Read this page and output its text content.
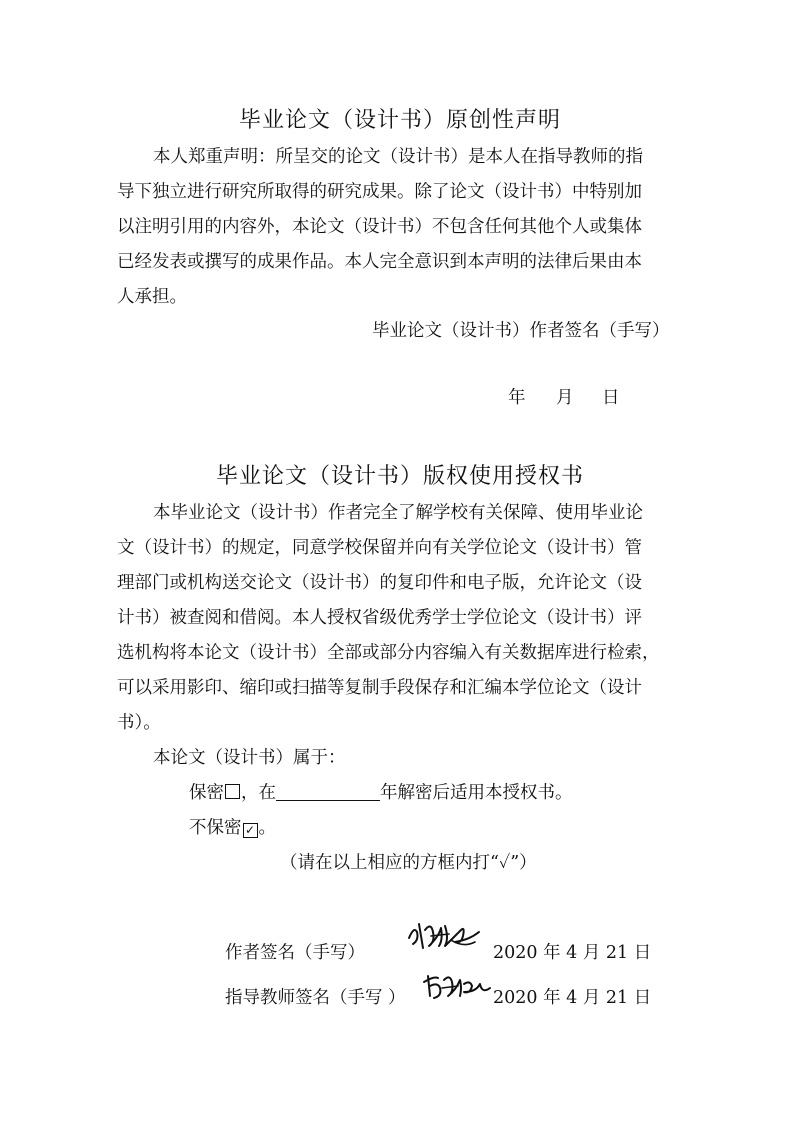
毕业论文（设计书）原创性声明
本人郑重声明：所呈交的论文（设计书）是本人在指导教师的指
导下独立进行研究所取得的研究成果。除了论文（设计书）中特别加
以注明引用的内容外，本论文（设计书）不包含任何其他个人或集体
已经发表或撰写的成果作品。本人完全意识到本声明的法律后果由本
人承担。
毕业论文（设计书）作者签名（手写）
年 月 日
毕业论文（设计书）版权使用授权书
本毕业论文（设计书）作者完全了解学校有关保障、使用毕业论
文（设计书）的规定，同意学校保留并向有关学位论文（设计书）管
理部门或机构送交论文（设计书）的复印件和电子版，允许论文（设
计书）被查阅和借阅。本人授权省级优秀学士学位论文（设计书）评
选机构将本论文（设计书）全部或部分内容编入有关数据库进行检索，
可以采用影印、缩印或扫描等复制手段保存和汇编本学位论文（设计
书）。
本论文（设计书）属于：
保密 ，在	年解密后适用本授权书。
不保密 ✓ 。
（请在以上相应的方框内打“✓”）
作者签名（手写）	2020 年 4 月 21 日
指导教师签名（手写 ）	2020 年 4 月 21 日
